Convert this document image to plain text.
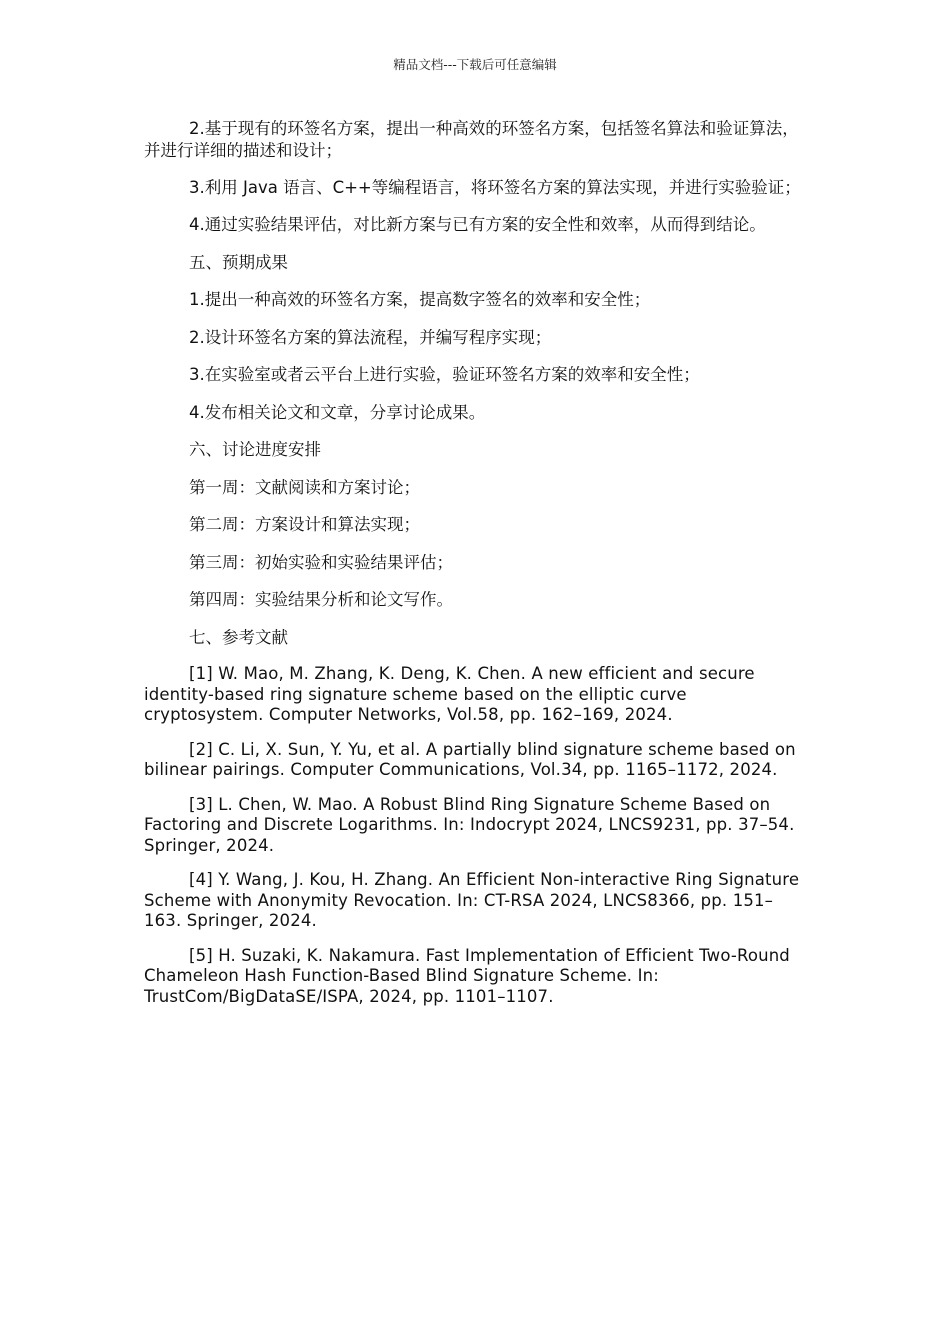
精品文档---下载后可任意编辑

2.基于现有的环签名方案，提出一种高效的环签名方案，包括签名算法和验证算法，并进行详细的描述和设计；

3.利用 Java 语言、C++等编程语言，将环签名方案的算法实现，并进行实验验证；

4.通过实验结果评估，对比新方案与已有方案的安全性和效率，从而得到结论。

五、预期成果

1.提出一种高效的环签名方案，提高数字签名的效率和安全性；

2.设计环签名方案的算法流程，并编写程序实现；

3.在实验室或者云平台上进行实验，验证环签名方案的效率和安全性；

4.发布相关论文和文章，分享讨论成果。

六、讨论进度安排

第一周：文献阅读和方案讨论；

第二周：方案设计和算法实现；

第三周：初始实验和实验结果评估；

第四周：实验结果分析和论文写作。

七、参考文献

[1] W. Mao, M. Zhang, K. Deng, K. Chen. A new efficient and secure identity-based ring signature scheme based on the elliptic curve cryptosystem. Computer Networks, Vol.58, pp. 162–169, 2024.

[2] C. Li, X. Sun, Y. Yu, et al. A partially blind signature scheme based on bilinear pairings. Computer Communications, Vol.34, pp. 1165–1172, 2024.

[3] L. Chen, W. Mao. A Robust Blind Ring Signature Scheme Based on Factoring and Discrete Logarithms. In: Indocrypt 2024, LNCS9231, pp. 37–54. Springer, 2024.

[4] Y. Wang, J. Kou, H. Zhang. An Efficient Non-interactive Ring Signature Scheme with Anonymity Revocation. In: CT-RSA 2024, LNCS8366, pp. 151–163. Springer, 2024.

[5] H. Suzaki, K. Nakamura. Fast Implementation of Efficient Two-Round Chameleon Hash Function-Based Blind Signature Scheme. In: TrustCom/BigDataSE/ISPA, 2024, pp. 1101–1107.
